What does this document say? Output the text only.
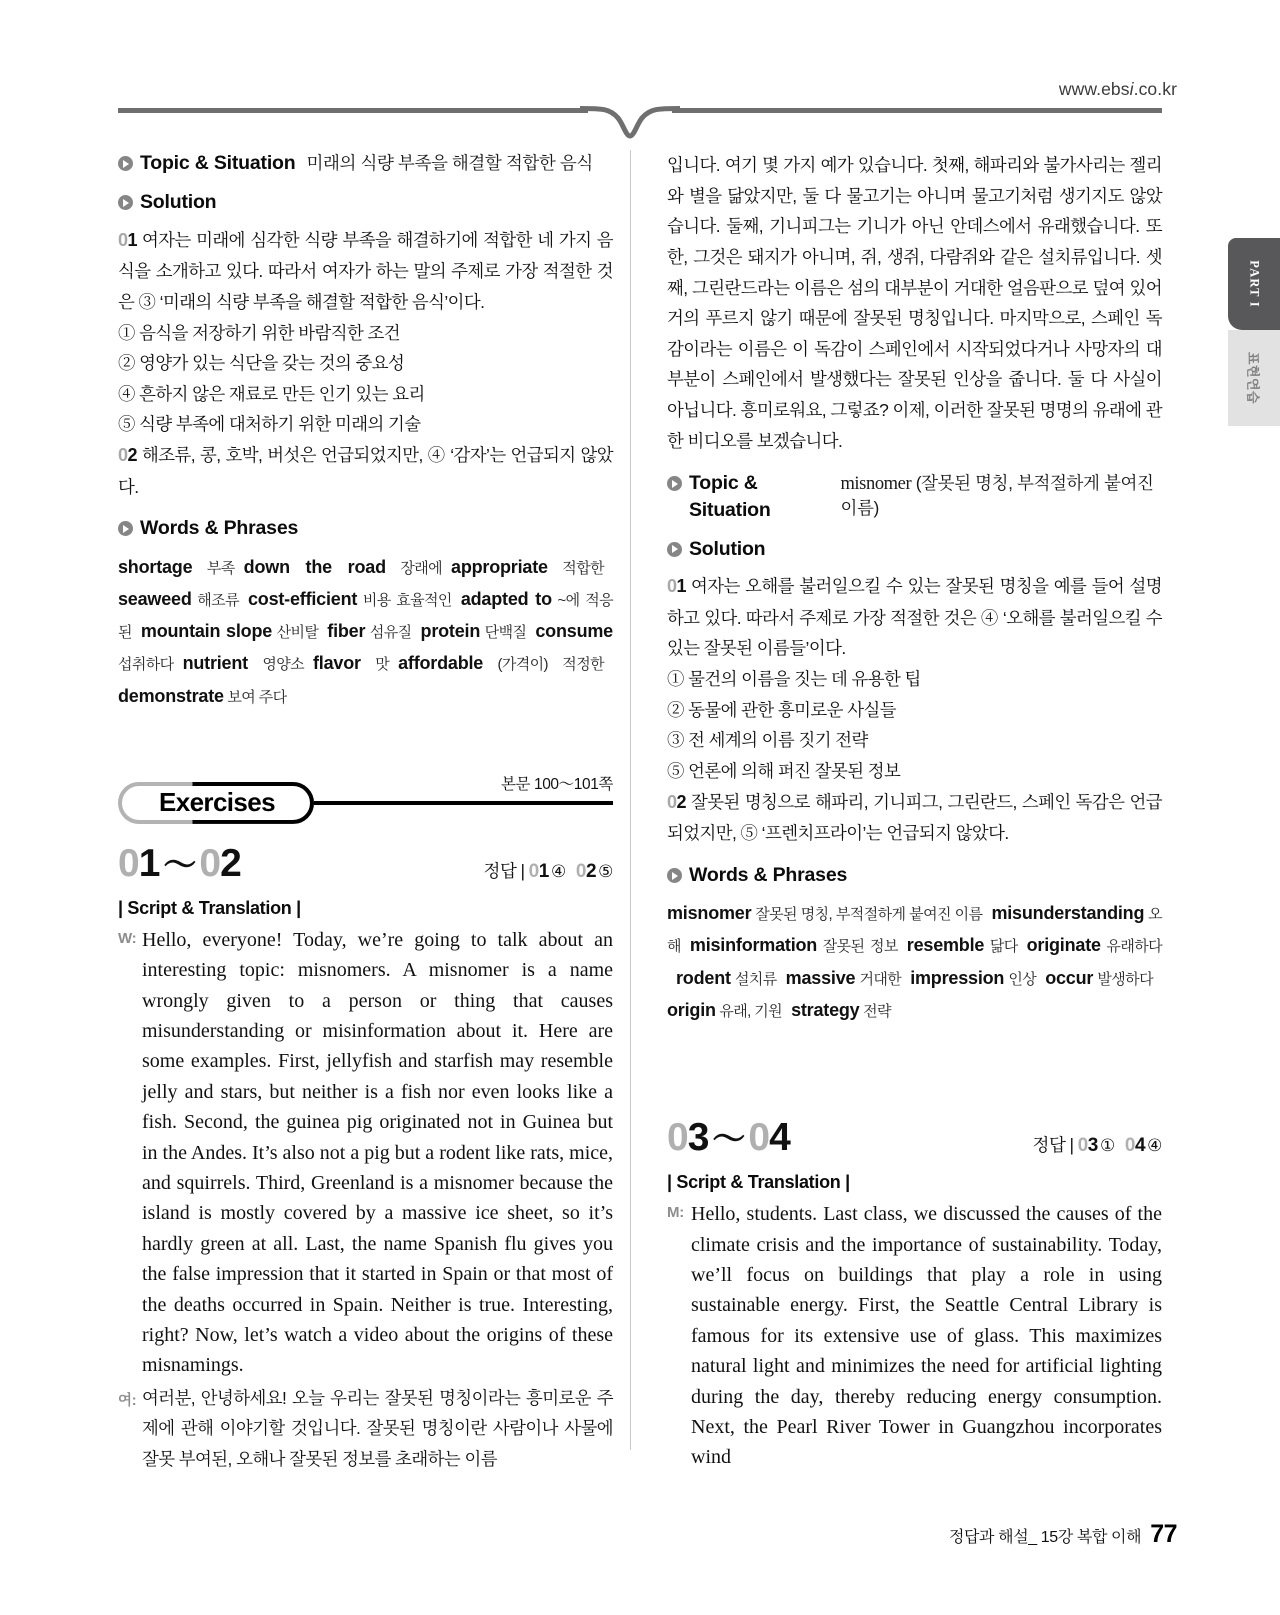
www.ebsi.co.kr
PART I
표현연습
Topic & Situation 미래의 식량 부족을 해결할 적합한 음식
Solution

01 여자는 미래에 심각한 식량 부족을 해결하기에 적합한 네 가지 음식을 소개하고 있다. 따라서 여자가 하는 말의 주제로 가장 적절한 것은 ③ ‘미래의 식량 부족을 해결할 적합한 음식’이다.

① 음식을 저장하기 위한 바람직한 조건

② 영양가 있는 식단을 갖는 것의 중요성

④ 흔하지 않은 재료로 만든 인기 있는 요리

⑤ 식량 부족에 대처하기 위한 미래의 기술

02 해조류, 콩, 호박, 버섯은 언급되었지만, ④ ‘감자’는 언급되지 않았다.

Words & Phrases

shortage 부족 down the road 장래에 appropriate 적합한 seaweed 해조류 cost-efficient 비용 효율적인 adapted to ~에 적응된 mountain slope 산비탈 fiber 섬유질 protein 단백질 consume 섭취하다 nutrient 영양소 flavor 맛 affordable (가격이) 적정한 demonstrate 보여 주다

Exercises
본문 100～101쪽
01 ～ 02	정답 | 01 ④ 02 ⑤
| Script & Translation |
W: Hello, everyone! Today, we’re going to talk about an interesting topic: misnomers. A misnomer is a name wrongly given to a person or thing that causes misunderstanding or misinformation about it. Here are some examples. First, jellyfish and starfish may resemble jelly and stars, but neither is a fish nor even looks like a fish. Second, the guinea pig originated not in Guinea but in the Andes. It’s also not a pig but a rodent like rats, mice, and squirrels. Third, Greenland is a misnomer because the island is mostly covered by a massive ice sheet, so it’s hardly green at all. Last, the name Spanish flu gives you the false impression that it started in Spain or that most of the deaths occurred in Spain. Neither is true. Interesting, right? Now, let’s watch a video about the origins of these misnamings.
여: 여러분, 안녕하세요! 오늘 우리는 잘못된 명칭이라는 흥미로운 주제에 관해 이야기할 것입니다. 잘못된 명칭이란 사람이나 사물에 잘못 부여된, 오해나 잘못된 정보를 초래하는 이름

입니다. 여기 몇 가지 예가 있습니다. 첫째, 해파리와 불가사리는 젤리와 별을 닮았지만, 둘 다 물고기는 아니며 물고기처럼 생기지도 않았습니다. 둘째, 기니피그는 기니가 아닌 안데스에서 유래했습니다. 또한, 그것은 돼지가 아니며, 쥐, 생쥐, 다람쥐와 같은 설치류입니다. 셋째, 그린란드라는 이름은 섬의 대부분이 거대한 얼음판으로 덮여 있어 거의 푸르지 않기 때문에 잘못된 명칭입니다. 마지막으로, 스페인 독감이라는 이름은 이 독감이 스페인에서 시작되었다거나 사망자의 대부분이 스페인에서 발생했다는 잘못된 인상을 줍니다. 둘 다 사실이 아닙니다. 흥미로워요, 그렇죠? 이제, 이러한 잘못된 명명의 유래에 관한 비디오를 보겠습니다.

Topic & Situation
misnomer (잘못된 명칭, 부적절하게 붙여진 이름)
Solution

01 여자는 오해를 불러일으킬 수 있는 잘못된 명칭을 예를 들어 설명하고 있다. 따라서 주제로 가장 적절한 것은 ④ ‘오해를 불러일으킬 수 있는 잘못된 이름들’이다.

① 물건의 이름을 짓는 데 유용한 팁

② 동물에 관한 흥미로운 사실들

③ 전 세계의 이름 짓기 전략

⑤ 언론에 의해 퍼진 잘못된 정보

02 잘못된 명칭으로 해파리, 기니피그, 그린란드, 스페인 독감은 언급되었지만, ⑤ ‘프렌치프라이’는 언급되지 않았다.

Words & Phrases

misnomer 잘못된 명칭, 부적절하게 붙여진 이름 misunderstanding 오해 misinformation 잘못된 정보 resemble 닮다 originate 유래하다 rodent 설치류 massive 거대한 impression 인상 occur 발생하다 origin 유래, 기원 strategy 전략

03 ～ 04	정답 | 03 ① 04 ④
| Script & Translation |
M: Hello, students. Last class, we discussed the causes of the climate crisis and the importance of sustainability. Today, we’ll focus on buildings that play a role in using sustainable energy. First, the Seattle Central Library is famous for its extensive use of glass. This maximizes natural light and minimizes the need for artificial lighting during the day, thereby reducing energy consumption. Next, the Pearl River Tower in Guangzhou incorporates wind
정답과 해설_ 15강 복합 이해 77
